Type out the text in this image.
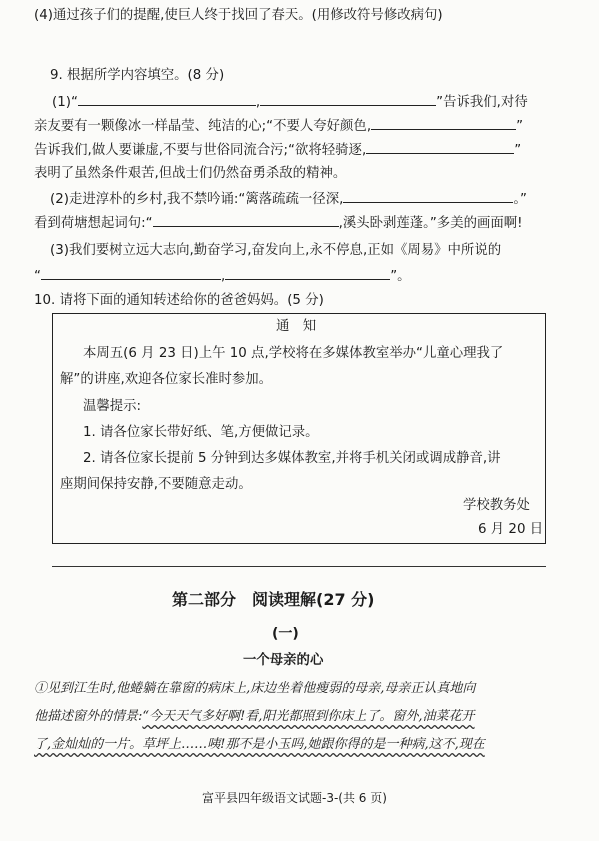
(4)通过孩子们的提醒,使巨人终于找回了春天。(用修改符号修改病句)
9. 根据所学内容填空。(8 分)
(1)“	,	”告诉我们,对待
亲友要有一颗像冰一样晶莹、纯洁的心;“不要人夸好颜色,	”
告诉我们,做人要谦虚,不要与世俗同流合污;“欲将轻骑逐,	”
表明了虽然条件艰苦,但战士们仍然奋勇杀敌的精神。
(2)走进淳朴的乡村,我不禁吟诵:“篱落疏疏一径深,	。”
看到荷塘想起词句:“	,溪头卧剥莲蓬。”多美的画面啊!
(3)我们要树立远大志向,勤奋学习,奋发向上,永不停息,正如《周易》中所说的
“	,	”。
10. 请将下面的通知转述给你的爸爸妈妈。(5 分)
通　知
本周五(6 月 23 日)上午 10 点,学校将在多媒体教室举办“儿童心理我了
解”的讲座,欢迎各位家长准时参加。
温馨提示:
1. 请各位家长带好纸、笔,方便做记录。
2. 请各位家长提前 5 分钟到达多媒体教室,并将手机关闭或调成静音,讲
座期间保持安静,不要随意走动。
学校教务处
6 月 20 日
第二部分　阅读理解(27 分)
(一)
一个母亲的心
①见到江生时,他蜷躺在靠窗的病床上,床边坐着他瘦弱的母亲,母亲正认真地向
他描述窗外的情景:“今天天气多好啊!看,阳光都照到你床上了。窗外,油菜花开
了,金灿灿的一片。草坪上……咦!那不是小玉吗,她跟你得的是一种病,这不,现在
富平县四年级语文试题-3-(共 6 页)
